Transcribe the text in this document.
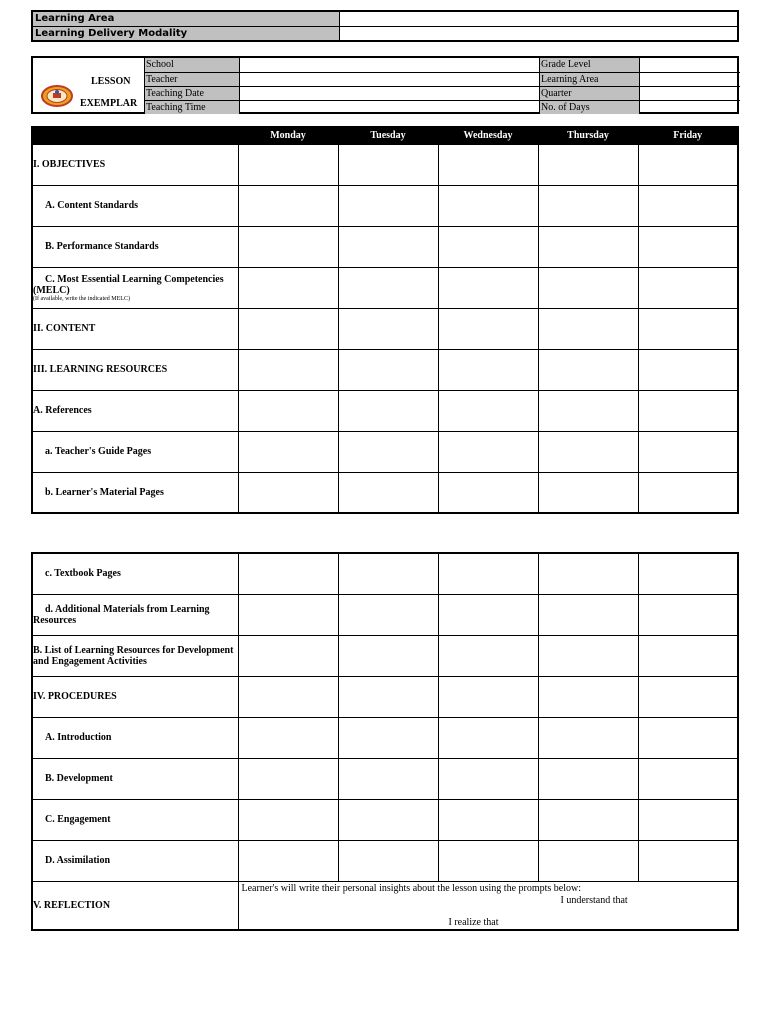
Learning Area	
Learning Delivery Modality	
LESSON
EXEMPLAR
School		Grade Level	
Teacher		Learning Area	
Teaching Date		Quarter	
Teaching Time		No. of Days	
	Monday	Tuesday	Wednesday	Thursday	Friday
I. OBJECTIVES					
A. Content Standards					
B. Performance Standards					

C. Most Essential Learning Competencies (MELC)
(If available, write the indicated MELC)					

II. CONTENT					
III. LEARNING RESOURCES					
A. References					
a. Teacher's Guide Pages					
b. Learner's Material Pages					
c. Textbook Pages					

d. Additional Materials from Learning Resources					

B. List of Learning Resources for Development and Engagement Activities					
IV. PROCEDURES					
A. Introduction					
B. Development					
C. Engagement					
D. Assimilation					
V. REFLECTION	Learner's will write their personal insights about the lesson using the prompts below:
I understand that
I realize that				
